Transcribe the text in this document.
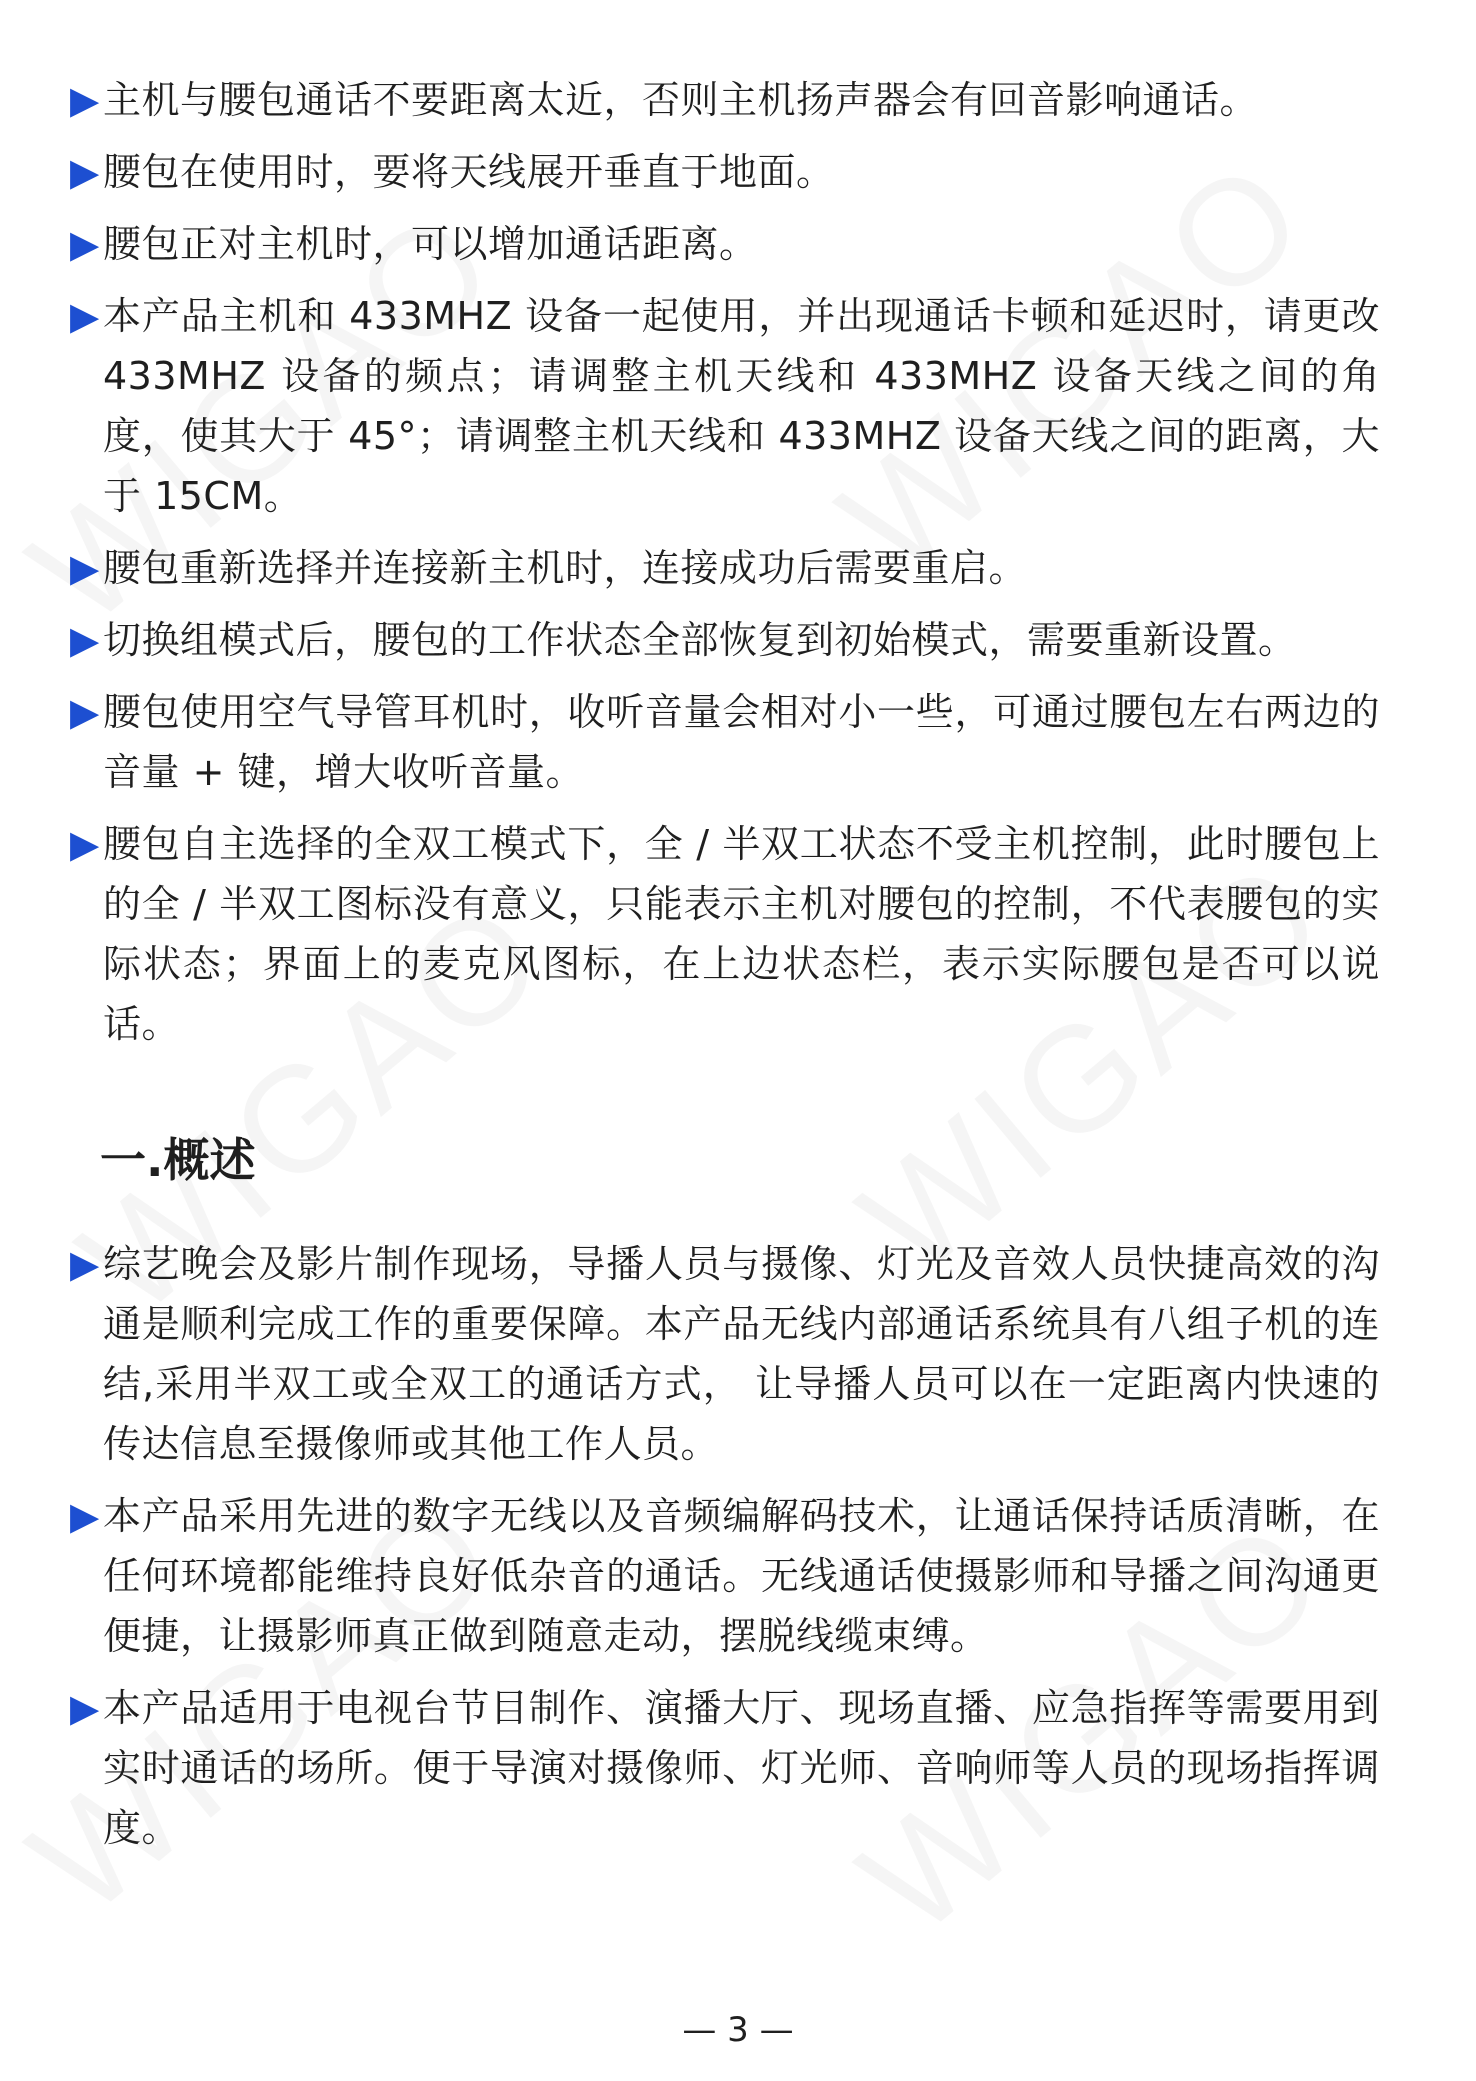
▶ 主机与腰包通话不要距离太近，否则主机扬声器会有回音影响通话。
▶ 腰包在使用时，要将天线展开垂直于地面。
▶ 腰包正对主机时，可以增加通话距离。
▶ 本产品主机和 433MHZ 设备一起使用，并出现通话卡顿和延迟时，请更改 433MHZ 设备的频点；请调整主机天线和 433MHZ 设备天线之间的角度，使其大于 45°；请调整主机天线和 433MHZ 设备天线之间的距离，大于 15CM。
▶ 腰包重新选择并连接新主机时，连接成功后需要重启。
▶ 切换组模式后，腰包的工作状态全部恢复到初始模式，需要重新设置。
▶ 腰包使用空气导管耳机时，收听音量会相对小一些，可通过腰包左右两边的音量 + 键，增大收听音量。
▶ 腰包自主选择的全双工模式下，全 / 半双工状态不受主机控制，此时腰包上的全 / 半双工图标没有意义，只能表示主机对腰包的控制，不代表腰包的实际状态；界面上的麦克风图标，在上边状态栏，表示实际腰包是否可以说话。
一.概述
▶ 综艺晚会及影片制作现场，导播人员与摄像、灯光及音效人员快捷高效的沟通是顺利完成工作的重要保障。本产品无线内部通话系统具有八组子机的连结,采用半双工或全双工的通话方式， 让导播人员可以在一定距离内快速的传达信息至摄像师或其他工作人员。
▶ 本产品采用先进的数字无线以及音频编解码技术，让通话保持话质清晰，在任何环境都能维持良好低杂音的通话。无线通话使摄影师和导播之间沟通更便捷，让摄影师真正做到随意走动，摆脱线缆束缚。
▶ 本产品适用于电视台节目制作、演播大厅、现场直播、应急指挥等需要用到实时通话的场所。便于导演对摄像师、灯光师、音响师等人员的现场指挥调度。
— 3 —
